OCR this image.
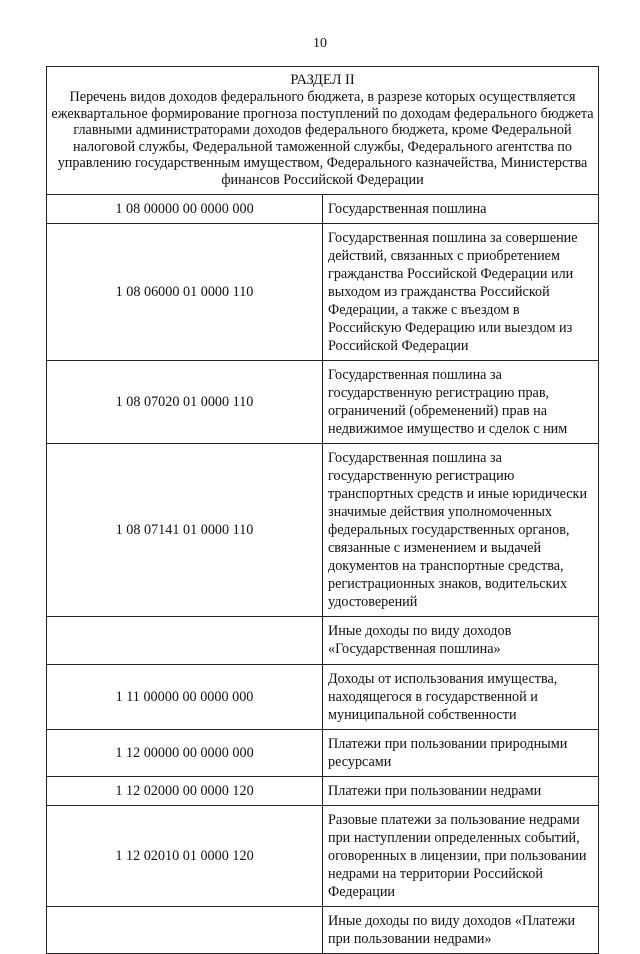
10
РАЗДЕЛ II
Перечень видов доходов федерального бюджета, в разрезе которых осуществляется ежеквартальное формирование прогноза поступлений по доходам федерального бюджета главными администраторами доходов федерального бюджета, кроме Федеральной налоговой службы, Федеральной таможенной службы, Федерального агентства по управлению государственным имуществом, Федерального казначейства, Министерства финансов Российской Федерации	

1 08 00000 00 0000 000	Государственная пошлина
1 08 06000 01 0000 110	Государственная пошлина за совершение действий, связанных с приобретением гражданства Российской Федерации или выходом из гражданства Российской Федерации, а также с въездом в Российскую Федерацию или выездом из Российской Федерации
1 08 07020 01 0000 110	Государственная пошлина за государственную регистрацию прав, ограничений (обременений) прав на недвижимое имущество и сделок с ним
1 08 07141 01 0000 110	Государственная пошлина за государственную регистрацию транспортных средств и иные юридически значимые действия уполномоченных федеральных государственных органов, связанные с изменением и выдачей документов на транспортные средства, регистрационных знаков, водительских удостоверений
	Иные доходы по виду доходов «Государственная пошлина»
1 11 00000 00 0000 000	Доходы от использования имущества, находящегося в государственной и муниципальной собственности
1 12 00000 00 0000 000	Платежи при пользовании природными ресурсами
1 12 02000 00 0000 120	Платежи при пользовании недрами
1 12 02010 01 0000 120	Разовые платежи за пользование недрами при наступлении определенных событий, оговоренных в лицензии, при пользовании недрами на территории Российской Федерации
	Иные доходы по виду доходов «Платежи при пользовании недрами»
